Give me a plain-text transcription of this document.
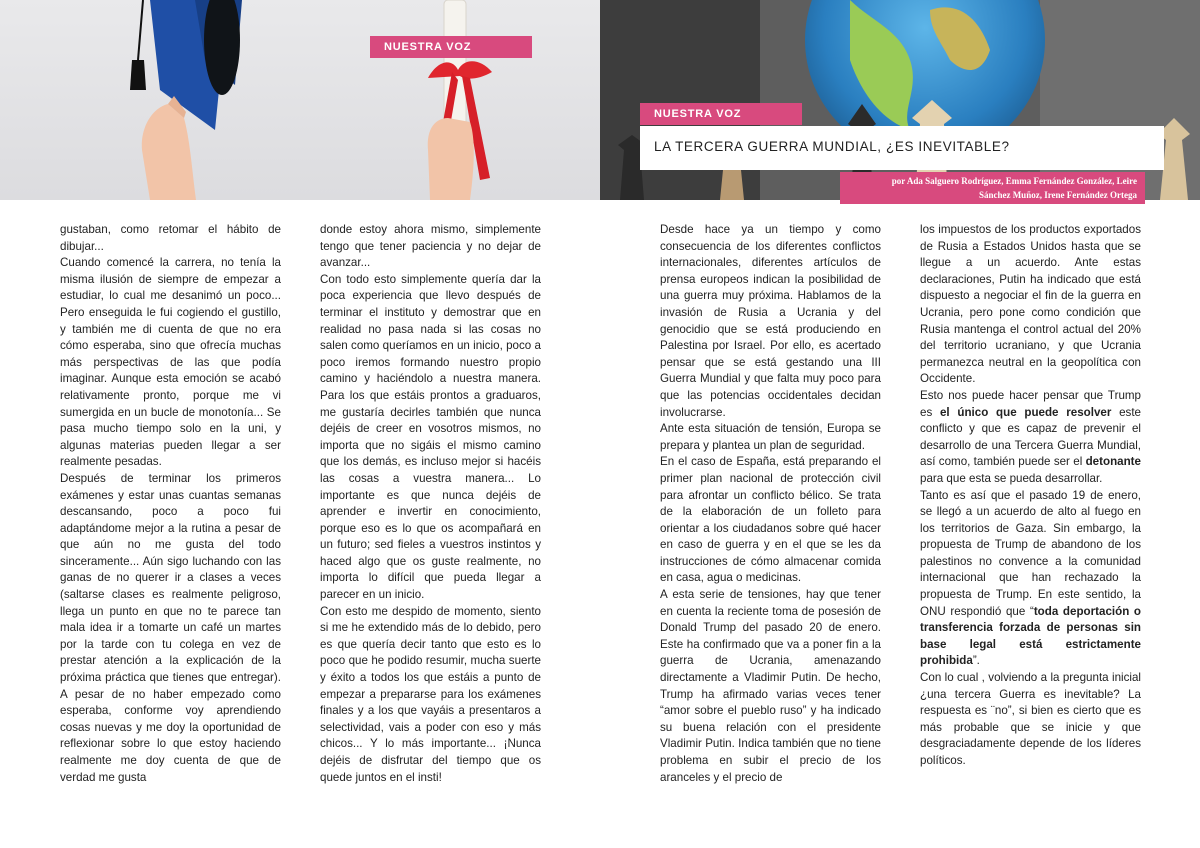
NUESTRA VOZ

gustaban, como retomar el hábito de dibujar...

Cuando comencé la carrera, no tenía la misma ilusión de siempre de empezar a estudiar, lo cual me desanimó un poco... Pero enseguida le fui cogiendo el gustillo, y también me di cuenta de que no era cómo esperaba, sino que ofrecía muchas más perspectivas de las que podía imaginar. Aunque esta emoción se acabó relativamente pronto, porque me vi sumergida en un bucle de monotonía... Se pasa mucho tiempo solo en la uni, y algunas materias pueden llegar a ser realmente pesadas.

Después de terminar los primeros exámenes y estar unas cuantas semanas descansando, poco a poco fui adaptándome mejor a la rutina a pesar de que aún no me gusta del todo sinceramente... Aún sigo luchando con las ganas de no querer ir a clases a veces (saltarse clases es realmente peligroso, llega un punto en que no te parece tan mala idea ir a tomarte un café un martes por la tarde con tu colega en vez de prestar atención a la explicación de la próxima práctica que tienes que entregar). A pesar de no haber empezado como esperaba, conforme voy aprendiendo cosas nuevas y me doy la oportunidad de reflexionar sobre lo que estoy haciendo realmente me doy cuenta de que de verdad me gusta

donde estoy ahora mismo, simplemente tengo que tener paciencia y no dejar de avanzar...

Con todo esto simplemente quería dar la poca experiencia que llevo después de terminar el instituto y demostrar que en realidad no pasa nada si las cosas no salen como queríamos en un inicio, poco a poco iremos formando nuestro propio camino y haciéndolo a nuestra manera. Para los que estáis prontos a graduaros, me gustaría decirles también que nunca dejéis de creer en vosotros mismos, no importa que no sigáis el mismo camino que los demás, es incluso mejor si hacéis las cosas a vuestra manera... Lo importante es que nunca dejéis de aprender e invertir en conocimiento, porque eso es lo que os acompañará en un futuro; sed fieles a vuestros instintos y haced algo que os guste realmente, no importa lo difícil que pueda llegar a parecer en un inicio.

Con esto me despido de momento, siento si me he extendido más de lo debido, pero es que quería decir tanto que esto es lo poco que he podido resumir, mucha suerte y éxito a todos los que estáis a punto de empezar a prepararse para los exámenes finales y a los que vayáis a presentaros a selectividad, vais a poder con eso y más chicos... Y lo más importante... ¡Nunca dejéis de disfrutar del tiempo que os quede juntos en el insti!

NUESTRA VOZ
LA TERCERA GUERRA MUNDIAL, ¿ES INEVITABLE?
por Ada Salguero Rodríguez, Emma Fernández González, Leire
Sánchez Muñoz, Irene Fernández Ortega

Desde hace ya un tiempo y como consecuencia de los diferentes conflictos internacionales, diferentes artículos de prensa europeos indican la posibilidad de una guerra muy próxima. Hablamos de la invasión de Rusia a Ucrania y del genocidio que se está produciendo en Palestina por Israel. Por ello, es acertado pensar que se está gestando una III Guerra Mundial y que falta muy poco para que las potencias occidentales decidan involucrarse.

Ante esta situación de tensión, Europa se prepara y plantea un plan de seguridad.

En el caso de España, está preparando el primer plan nacional de protección civil para afrontar un conflicto bélico. Se trata de la elaboración de un folleto para orientar a los ciudadanos sobre qué hacer en caso de guerra y en el que se les da instrucciones de cómo almacenar comida en casa, agua o medicinas.

A esta serie de tensiones, hay que tener en cuenta la reciente toma de posesión de Donald Trump del pasado 20 de enero. Este ha confirmado que va a poner fin a la guerra de Ucrania, amenazando directamente a Vladimir Putin. De hecho, Trump ha afirmado varias veces tener “amor sobre el pueblo ruso” y ha indicado su buena relación con el presidente Vladimir Putin. Indica también que no tiene problema en subir el precio de los aranceles y el precio de

los impuestos de los productos exportados de Rusia a Estados Unidos hasta que se llegue a un acuerdo. Ante estas declaraciones, Putin ha indicado que está dispuesto a negociar el fin de la guerra en Ucrania, pero pone como condición que Rusia mantenga el control actual del 20% del territorio ucraniano, y que Ucrania permanezca neutral en la geopolítica con Occidente.

Esto nos puede hacer pensar que Trump es el único que puede resolver este conflicto y que es capaz de prevenir el desarrollo de una Tercera Guerra Mundial, así como, también puede ser el detonante para que esta se pueda desarrollar.

Tanto es así que el pasado 19 de enero, se llegó a un acuerdo de alto al fuego en los territorios de Gaza. Sin embargo, la propuesta de Trump de abandono de los palestinos no convence a la comunidad internacional que han rechazado la propuesta de Trump. En este sentido, la ONU respondió que “toda deportación o transferencia forzada de personas sin base legal está estrictamente prohibida”.

Con lo cual , volviendo a la pregunta inicial ¿una tercera Guerra es inevitable? La respuesta es ¨no”, si bien es cierto que es más probable que se inicie y que desgraciadamente depende de los líderes políticos.
